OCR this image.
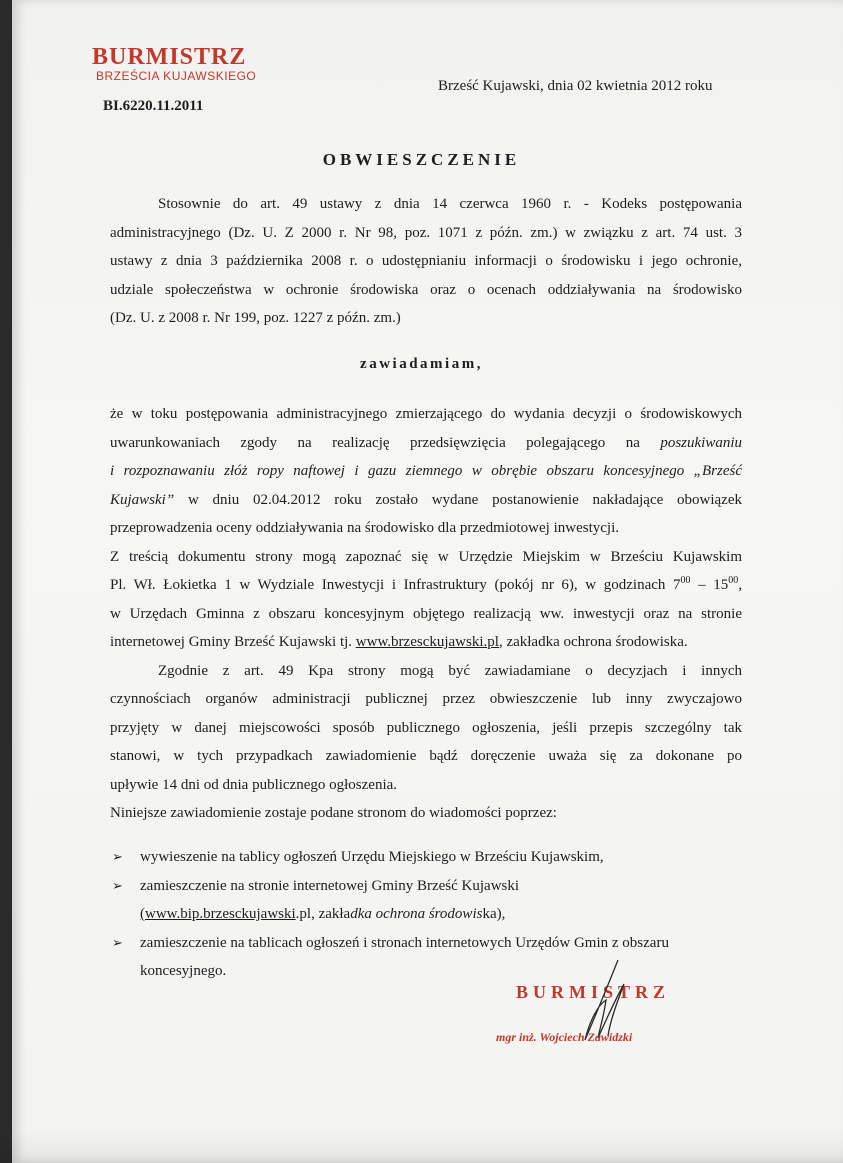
BURMISTRZ
BRZEŚCIA KUJAWSKIEGO
BI.6220.11.2011
Brześć Kujawski, dnia 02 kwietnia 2012 roku
OBWIESZCZENIE
Stosownie do art. 49 ustawy z dnia 14 czerwca 1960 r. - Kodeks postępowania
administracyjnego (Dz. U. Z 2000 r. Nr 98, poz. 1071 z późn. zm.) w związku z art. 74 ust. 3
ustawy z dnia 3 października 2008 r. o udostępnianiu informacji o środowisku i jego ochronie,
udziale społeczeństwa w ochronie środowiska oraz o ocenach oddziaływania na środowisko
(Dz. U. z 2008 r. Nr 199, poz. 1227 z późn. zm.)
zawiadamiam,
że w toku postępowania administracyjnego zmierzającego do wydania decyzji o środowiskowych
uwarunkowaniach zgody na realizację przedsięwzięcia polegającego na poszukiwaniu
i rozpoznawaniu złóż ropy naftowej i gazu ziemnego w obrębie obszaru koncesyjnego „Brześć
Kujawski” w dniu 02.04.2012 roku zostało wydane postanowienie nakładające obowiązek
przeprowadzenia oceny oddziaływania na środowisko dla przedmiotowej inwestycji.
Z treścią dokumentu strony mogą zapoznać się w Urzędzie Miejskim w Brześciu Kujawskim
Pl. Wł. Łokietka 1 w Wydziale Inwestycji i Infrastruktury (pokój nr 6), w godzinach $7^{00} - 15^{00}$,
w Urzędach Gminna z obszaru koncesyjnym objętego realizacją ww. inwestycji oraz na stronie
internetowej Gminy Brześć Kujawski tj. www.brzesckujawski.pl, zakładka ochrona środowiska.
Zgodnie z art. 49 Kpa strony mogą być zawiadamiane o decyzjach i innych
czynnościach organów administracji publicznej przez obwieszczenie lub inny zwyczajowo
przyjęty w danej miejscowości sposób publicznego ogłoszenia, jeśli przepis szczególny tak
stanowi, w tych przypadkach zawiadomienie bądź doręczenie uważa się za dokonane po
upływie 14 dni od dnia publicznego ogłoszenia.
Niniejsze zawiadomienie zostaje podane stronom do wiadomości poprzez:
➢ wywieszenie na tablicy ogłoszeń Urzędu Miejskiego w Brześciu Kujawskim,
➢ zamieszczenie na stronie internetowej Gminy Brześć Kujawski
(www.bip.brzesckujawski.pl, zakładka ochrona środowiska),
➢ zamieszczenie na tablicach ogłoszeń i stronach internetowych Urzędów Gmin z obszaru
koncesyjnego.
BURMISTRZ
mgr inż. Wojciech Zawidzki
